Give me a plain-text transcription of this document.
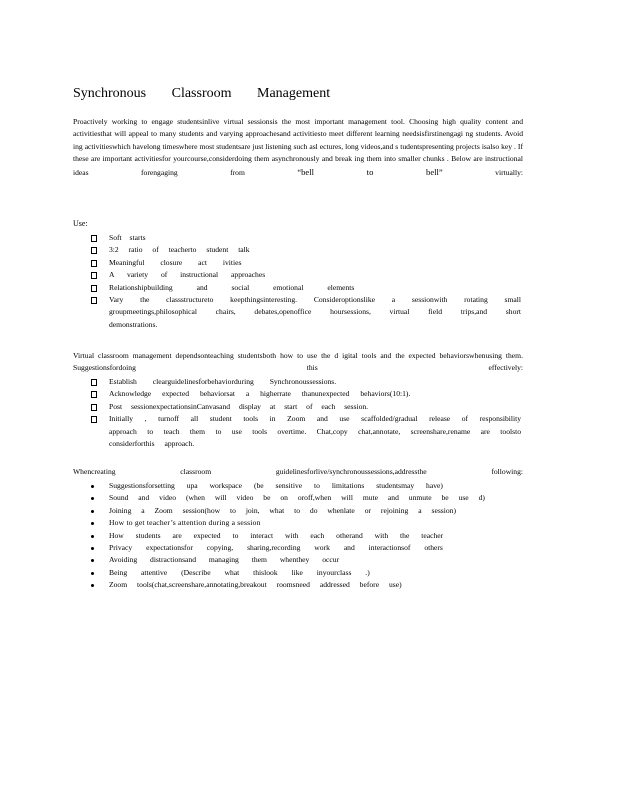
Synchronous Classroom Management
Proactively working to engage studentsinlive virtual sessionsis the most important management tool. Choosing high quality content and activitiesthat will appeal to many students and varying approachesand activitiesto meet different learning needsisfirstinengagi ng students. Avoid ing activitieswhich havelong timeswhere most studentsare just listening such asl ectures, long videos,and s tudentspresenting projects isalso key . If these are important activitiesfor yourcourse,considerdoing them asynchronously and break ing them into smaller chunks . Below are instructional ideas forengaging from	“bell to bell”	virtually:
Use:
Soft starts
3:2 ratio of teacherto student talk
Meaningful closure act ivities
A variety of instructional approaches
Relationshipbuilding and social emotional elements
Vary the classstructureto keepthingsinteresting. Consideroptionslike a sessionwith rotating small groupmeetings,philosophical chairs, debates,openoffice hoursessions, virtual field trips,and short demonstrations.
Virtual classroom management dependsonteaching studentsboth how to use the d igital tools and the expected behaviorswhenusing them. Suggestionsfordoing this effectively:
Establish clearguidelinesforbehaviorduring Synchronoussessions.
Acknowledge expected behaviorsat a higherrate thanunexpected behaviors(10:1).
Post sessionexpectationsinCanvasand display at start of each session.
Initially , turnoff all student tools in Zoom and use scaffolded/gradual release of responsibility approach to teach them to use tools overtime. Chat,copy chat,annotate, screenshare,rename are toolsto considerforthis approach.
Whencreating classroom guidelinesforlive/synchronoussessions,addressthe following:
Suggestionsforsetting upa workspace (be sensitive to limitations studentsmay have)
Sound and video (when will video be on oroff,when will mute and unmute be use d)
Joining a Zoom session(how to join, what to do whenlate or rejoining a session)
How to get teacher’s attention during a session
How students are expected to interact with each otherand with the teacher
Privacy expectationsfor copying, sharing,recording work and interactionsof others
Avoiding distractionsand managing them whenthey occur
Being attentive (Describe what thislook like inyourclass .)
Zoom tools(chat,screenshare,annotating,breakout roomsneed addressed before use)
